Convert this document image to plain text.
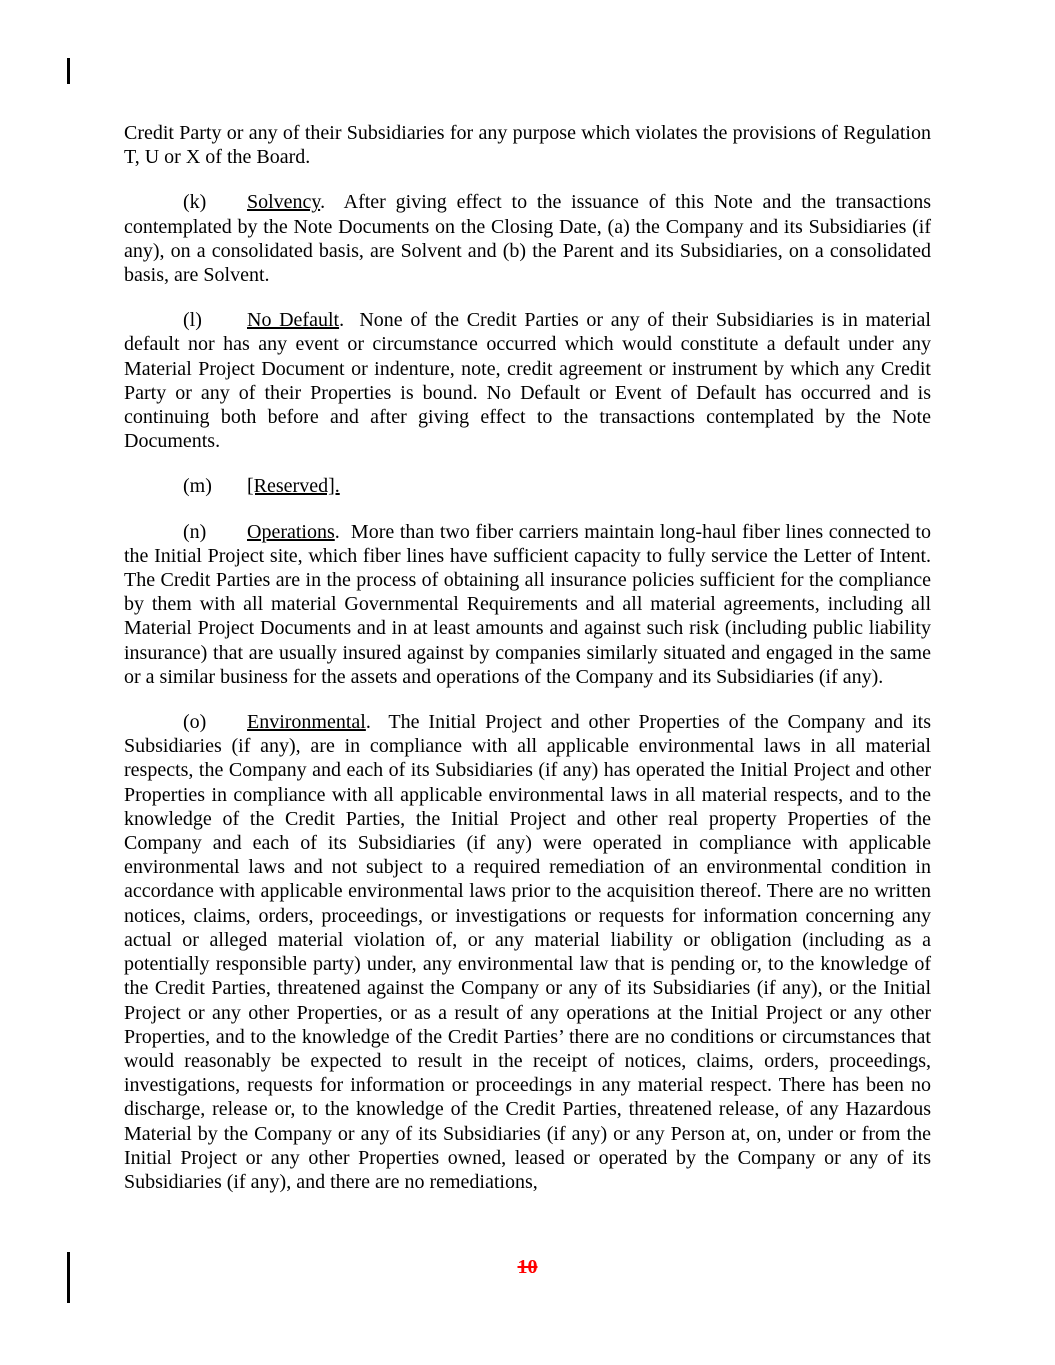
Credit Party or any of their Subsidiaries for any purpose which violates the provisions of Regulation T, U or X of the Board.

(k) Solvency.  After giving effect to the issuance of this Note and the transactions contemplated by the Note Documents on the Closing Date, (a) the Company and its Subsidiaries (if any), on a consolidated basis, are Solvent and (b) the Parent and its Subsidiaries, on a consolidated basis, are Solvent.

(l) No Default.  None of the Credit Parties or any of their Subsidiaries is in material default nor has any event or circumstance occurred which would constitute a default under any Material Project Document or indenture, note, credit agreement or instrument by which any Credit Party or any of their Properties is bound. No Default or Event of Default has occurred and is continuing both before and after giving effect to the transactions contemplated by the Note Documents.

(m) [Reserved].

(n) Operations.  More than two fiber carriers maintain long-haul fiber lines connected to the Initial Project site, which fiber lines have sufficient capacity to fully service the Letter of Intent. The Credit Parties are in the process of obtaining all insurance policies sufficient for the compliance by them with all material Governmental Requirements and all material agreements, including all Material Project Documents and in at least amounts and against such risk (including public liability insurance) that are usually insured against by companies similarly situated and engaged in the same or a similar business for the assets and operations of the Company and its Subsidiaries (if any).

(o) Environmental.  The Initial Project and other Properties of the Company and its Subsidiaries (if any), are in compliance with all applicable environmental laws in all material respects, the Company and each of its Subsidiaries (if any) has operated the Initial Project and other Properties in compliance with all applicable environmental laws in all material respects, and to the knowledge of the Credit Parties, the Initial Project and other real property Properties of the Company and each of its Subsidiaries (if any) were operated in compliance with applicable environmental laws and not subject to a required remediation of an environmental condition in accordance with applicable environmental laws prior to the acquisition thereof. There are no written notices, claims, orders, proceedings, or investigations or requests for information concerning any actual or alleged material violation of, or any material liability or obligation (including as a potentially responsible party) under, any environmental law that is pending or, to the knowledge of the Credit Parties, threatened against the Company or any of its Subsidiaries (if any), or the Initial Project or any other Properties, or as a result of any operations at the Initial Project or any other Properties, and to the knowledge of the Credit Parties’ there are no conditions or circumstances that would reasonably be expected to result in the receipt of notices, claims, orders, proceedings, investigations, requests for information or proceedings in any material respect. There has been no discharge, release or, to the knowledge of the Credit Parties, threatened release, of any Hazardous Material by the Company or any of its Subsidiaries (if any) or any Person at, on, under or from the Initial Project or any other Properties owned, leased or operated by the Company or any of its Subsidiaries (if any), and there are no remediations,

10
